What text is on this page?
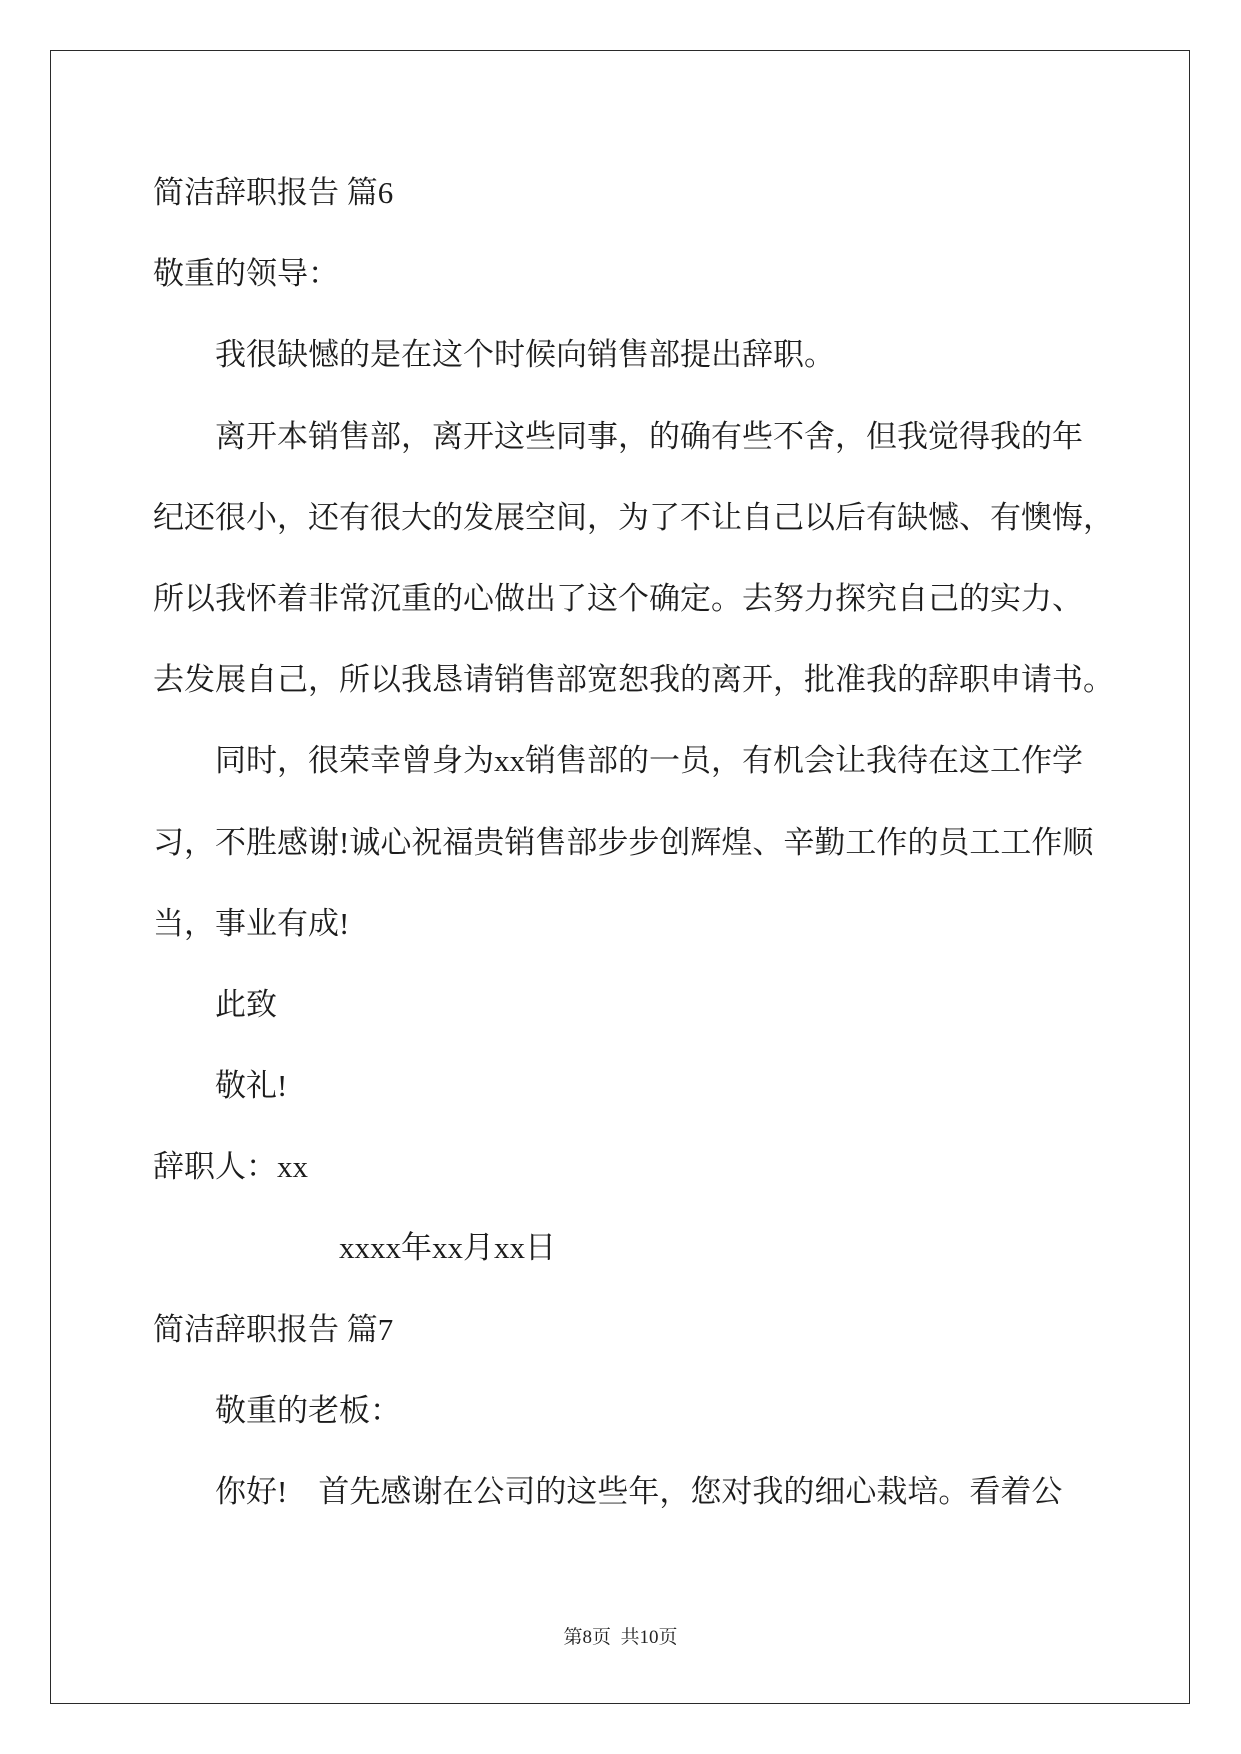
简洁辞职报告 篇6
敬重的领导：
我很缺憾的是在这个时候向销售部提出辞职。
离开本销售部，离开这些同事，的确有些不舍，但我觉得我的年
纪还很小，还有很大的发展空间，为了不让自己以后有缺憾、有懊悔，
所以我怀着非常沉重的心做出了这个确定。去努力探究自己的实力、
去发展自己，所以我恳请销售部宽恕我的离开，批准我的辞职申请书。
同时，很荣幸曾身为xx销售部的一员，有机会让我待在这工作学
习，不胜感谢!诚心祝福贵销售部步步创辉煌、辛勤工作的员工工作顺
当，事业有成!
此致
敬礼!
辞职人：xx
xxxx年xx月xx日
简洁辞职报告 篇7
敬重的老板：
你好!    首先感谢在公司的这些年，您对我的细心栽培。看着公
第8页  共10页
